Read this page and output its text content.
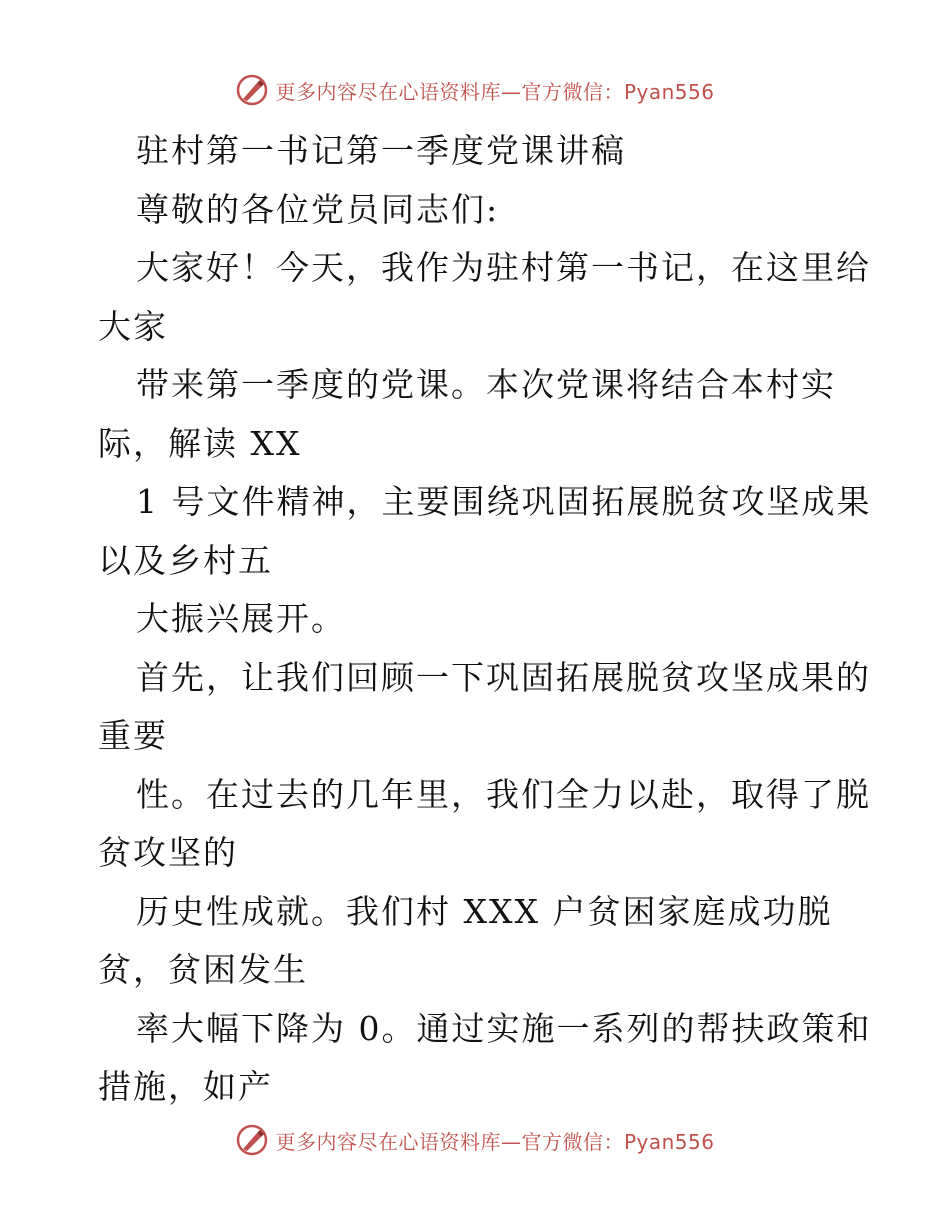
更多内容尽在心语资料库—官方微信：Pyan556
驻村第一书记第一季度党课讲稿
尊敬的各位党员同志们:
大家好！今天，我作为驻村第一书记，在这里给
大家
带来第一季度的党课。本次党课将结合本村实
际，解读 XX
1 号文件精神，主要围绕巩固拓展脱贫攻坚成果
以及乡村五
大振兴展开。
首先，让我们回顾一下巩固拓展脱贫攻坚成果的
重要
性。在过去的几年里，我们全力以赴，取得了脱
贫攻坚的
历史性成就。我们村 XXX 户贫困家庭成功脱
贫，贫困发生
率大幅下降为 0。通过实施一系列的帮扶政策和
措施，如产
更多内容尽在心语资料库—官方微信：Pyan556
